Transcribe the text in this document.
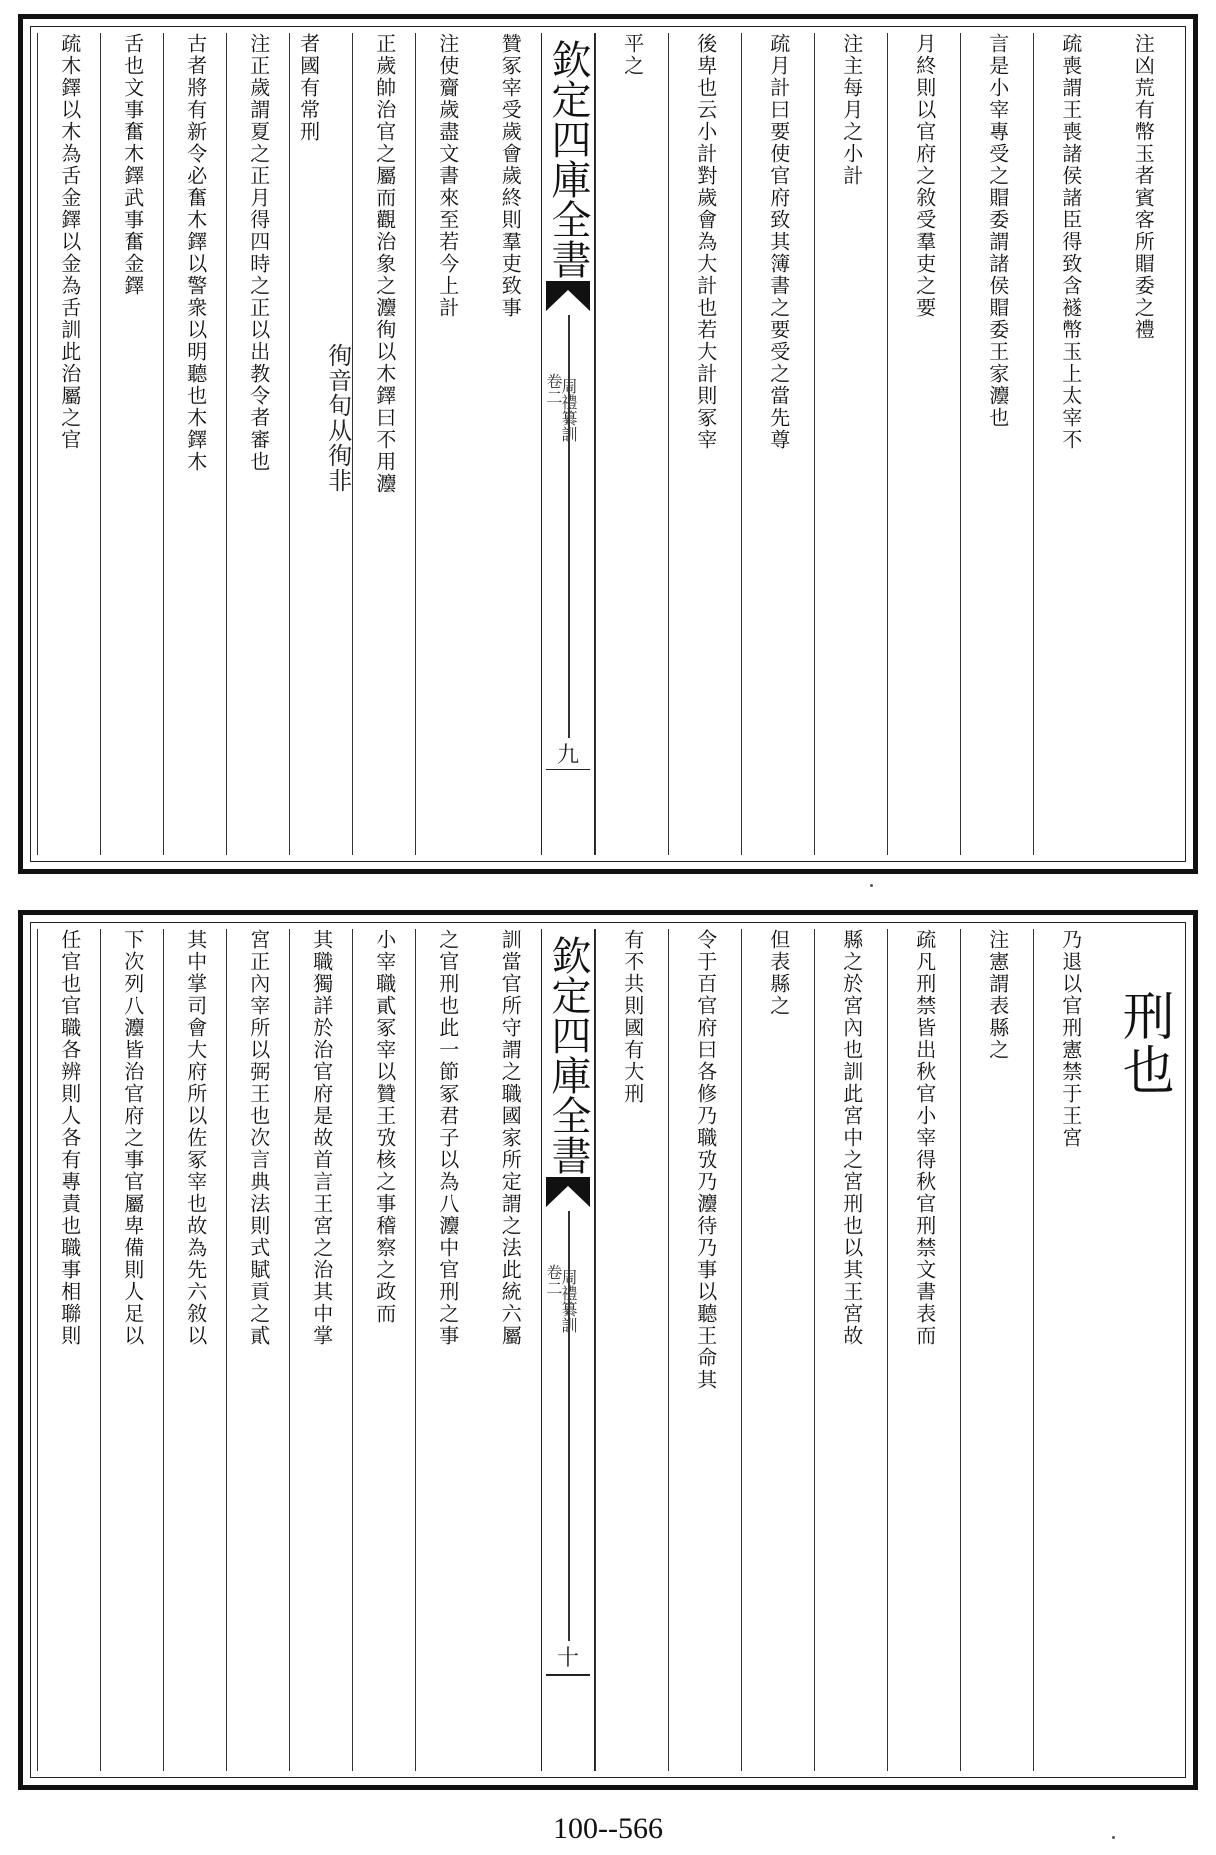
注凶荒有幣玉者賓客所賵委之禮
疏喪謂王喪諸侯諸臣得致含襚幣玉上太宰不
言是小宰專受之賵委謂諸侯賵委王家灋也
月終則以官府之敘受羣吏之要
注主每月之小計
疏月計曰要使官府致其簿書之要受之當先尊
後卑也云小計對歲會為大計也若大計則冢宰
平之
欽定四庫全書
周禮纂訓
卷二
九
贊冢宰受歲會歲終則羣吏致事
注使齎歲盡文書來至若今上計
正歲帥治官之屬而觀治象之灋徇以木鐸曰不用灋
者國有常刑
徇音旬从徇非
注正歲謂夏之正月得四時之正以出教令者審也
古者將有新令必奮木鐸以警衆以明聽也木鐸木
舌也文事奮木鐸武事奮金鐸
疏木鐸以木為舌金鐸以金為舌訓此治屬之官
刑也
乃退以官刑憲禁于王宮
注憲謂表縣之
疏凡刑禁皆出秋官小宰得秋官刑禁文書表而
縣之於宮內也訓此宮中之宮刑也以其王宮故
但表縣之
令于百官府曰各修乃職攷乃灋待乃事以聽王命其
有不共則國有大刑
欽定四庫全書
周禮纂訓
卷二
十
訓當官所守謂之職國家所定謂之法此統六屬
之官刑也此一節冢君子以為八灋中官刑之事
小宰職貳冢宰以贊王攷核之事稽察之政而
其職獨詳於治官府是故首言王宮之治其中掌
宮正內宰所以弼王也次言典法則式賦貢之貳
其中掌司會大府所以佐冢宰也故為先六敘以
下次列八灋皆治官府之事官屬卑備則人足以
任官也官職各辨則人各有專責也職事相聯則
100--566
